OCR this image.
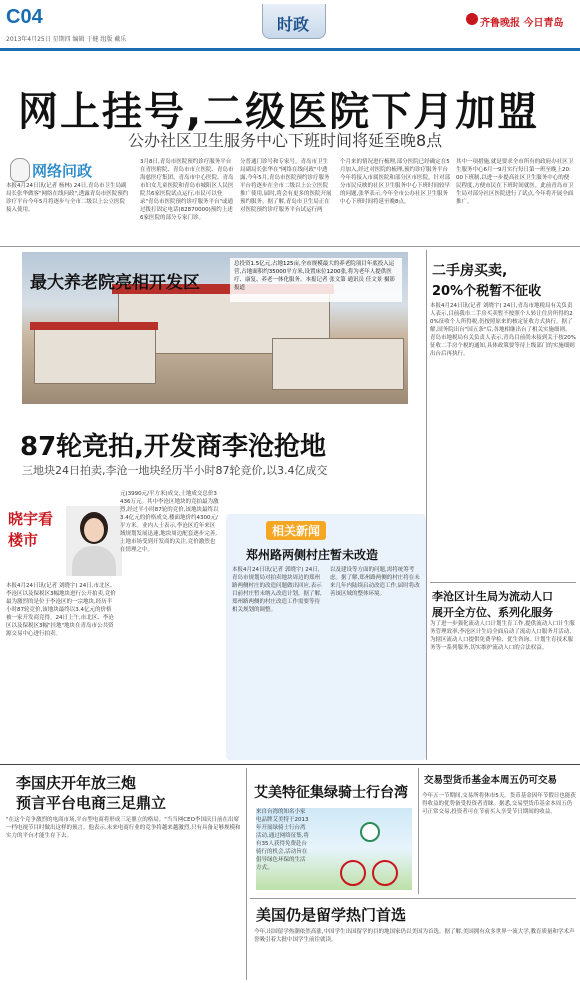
C04
2013年4月25日 星期四 编辑 于健 组版 戴乐
时政	齐鲁晚报 今日青岛
网上挂号,二级医院下月加盟
公办社区卫生服务中心下班时间将延至晚8点
网络问政
本报4月24日讯(记者 杨林) 24日,青岛市卫生局副局长张华做客"网络在线问政",透露青岛市医院预约诊疗平台今年5月将逐步与全市二级以上公立医院接入使用。
3月8日,青岛市医院预约诊疗服务平台在青医附院、青岛市市立医院、青岛市海慈医疗集团、青岛市中心医院、青岛市妇女儿童医院和青岛市城阳区人民医院共6家医院试点运行,市民可以登录"青岛市医院预约诊疗服务平台"或通过拨打固定电话(82870000)预约上述6家医院的部分专家门诊。
分普通门诊号和专家号。青岛市卫生局副局长张华在"网络在线问政"中透露,今年5月,青岛市医院预约诊疗服务平台将逐步在全市二级以上公立医院推广使用,届时,将会有更多的医院开展预约服务。据了解,青岛市卫生局正在对医院预约诊疗服务平台试运行两
个月来的情况进行梳理,部分医院已经确定在5月加入,经过对医院的梳理,预约诊疗服务平台今年将接入市属医院和部分区市医院。针对部分市民反映的社区卫生服务中心下班时间较早的问题,张华表示,今年全市公办社区卫生服务中心下班时间将延至晚8点。
其中一项措施,就是要求全市所有的政府办社区卫生服务中心6月一9月实行每日第一班至晚上20:00下班制,以进一步提高社区卫生服务中心的便民程度,方便市民在下班时间就医。此前青岛市卫生局对部分社区医院进行了试点,今年将开展全面推广。
最大养老院亮相开发区
总投资1.5亿元,占地125亩,全市规模最大的养老院项目年底投入运营,占地面积约35000平方米,设置床位1200张,将为老年人提供医疗、康复、养老一体化服务。本报记者 张文第 通讯员 任文景 摄影报道
87轮竞拍,开发商李沧抢地
三地块24日拍卖,李沧一地块经历半小时87轮竞价,以3.4亿成交
晓宇看楼市
本报4月24日讯(记者 刘晓宇) 24日,市北区、李沧区以及保税区3幅地块进行公开拍卖,竞价最为激烈的是位于李沧区的一宗地块,经历半小时87轮竞价,该地块最终以3.4亿元的价格被一家开发商竞得。24日上午,市北区、李沧区以及保税区3幅"挂地"地块在青岛市公共资源交易中心进行拍卖。
元(3990元/平方米)成交,土地成交总价3436万元。其中李沧区地块的竞拍最为激烈,经过半小时87轮的竞价,该地块最终以3.4亿元的价格成交,楼面地价约4300元/平方米。业内人士表示,李沧区近年来区域规划发展迅速,地块周边配套逐步完善,土地市场受到开发商的关注,竞价激烈也在情理之中。
相关新闻
郑州路两侧村庄暂未改造
本报4月24日讯(记者 郭晓宇) 24日,青岛市规划局对拍卖地块周边的郑州路两侧村庄的改造问题做出回应,表示目前村庄暂未纳入改造计划。据了解,郑州路两侧的村庄改造工作需要等待相关规划的调整。
以及建设等方面的问题,需将统筹考虑。据了解,郑州路两侧的村庄将在未来几年内陆续启动改造工作,届时将改善该区域的整体环境。
二手房买卖,
20%个税暂不征收
本报4月24日讯(记者 刘晓宇) 24日,青岛市地税局有关负责人表示,目前我市二手房买卖暂不按照个人转让住房所得的20%征收个人所得税,仍按照原来的核定征收方式执行。据了解,国务院出台"国五条"后,各地相继出台了相关实施细则。青岛市地税局有关负责人表示,青岛目前尚未接到关于按20%征收二手房个税的通知,具体政策要等待上级部门的实施细则出台后再执行。
李沧区计生局为流动人口
展开全方位、系列化服务
为了进一步强化流动人口计划生育工作,提供流动人口计生服务管理效率,李沧区计生局全面启动了流动人口服务月活动,为辖区流动人口提供免费孕检、优生咨询、计划生育技术服务等一系列服务,切实维护流动人口的合法权益。
李国庆开年放三炮
预言平台电商三足鼎立
"在这个竞争激烈的电商市场,平台型电商将形成三足鼎立的格局。"当当网CEO李国庆日前在出席一档电视节目时做出这样的预言。他表示,未来电商行业的竞争将越来越激烈,只有具备足够规模和实力的平台才能生存下去。
艾美特征集绿骑士行台湾
来自台湾的知名小家电品牌艾美特于2013年开展绿骑士行台湾活动,通过网络征集,将有35人获得免费赴台骑行的机会,活动旨在倡导绿色环保的生活方式。
交易型货币基金本周五仍可交易
今年五一节期间,交易所将休市5天。货币基金因年节假日也能获得收益的优势备受投资者青睐。据悉,交易型货币基金本周五仍可正常交易,投资者可在节前买入享受节日期间的收益。
美国仍是留学热门首选
今年,出国留学热潮依然高涨,中国学生出国留学的目的地国家仍以美国为首选。据了解,美国拥有众多世界一流大学,教育质量和学术声誉吸引着大批中国学生前往就读。
